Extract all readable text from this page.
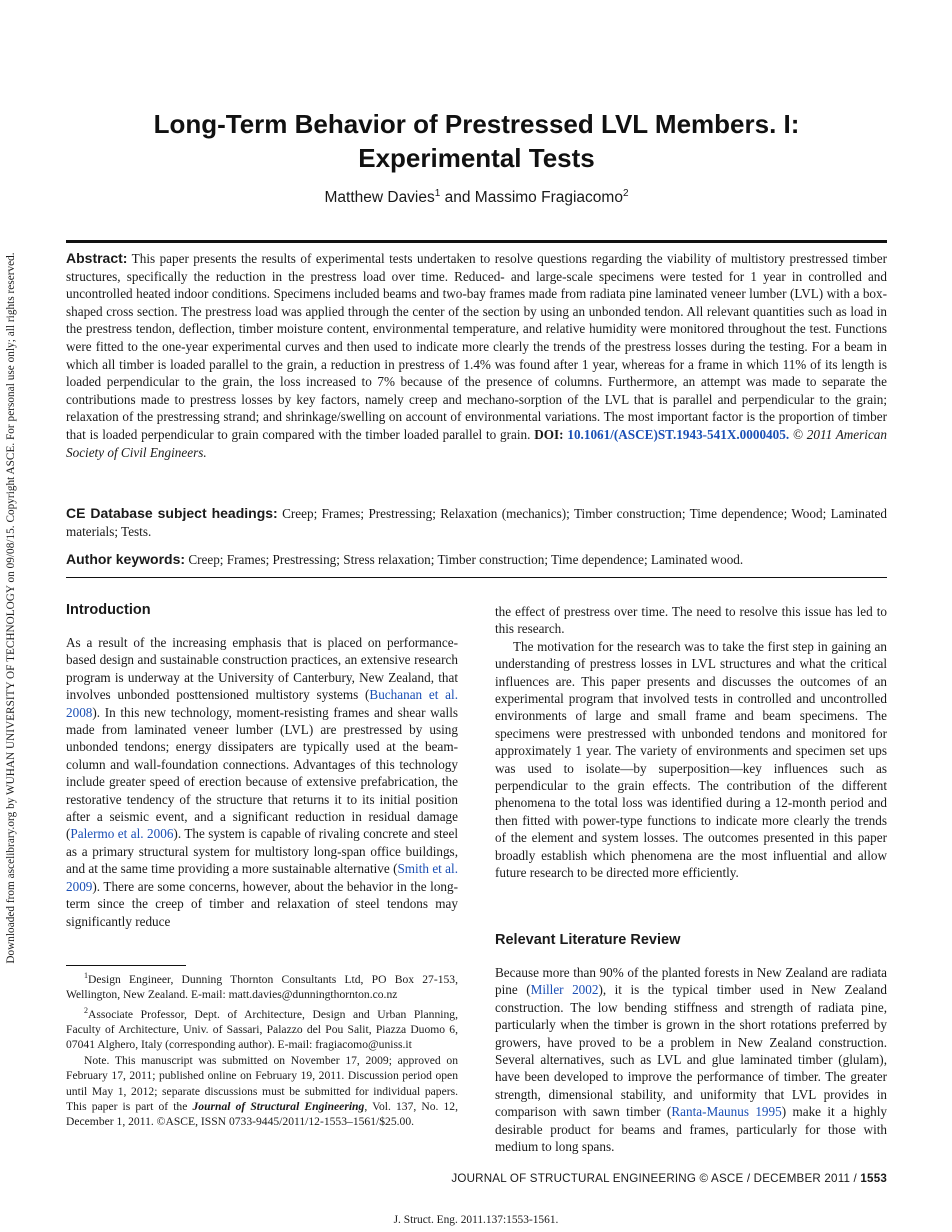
Downloaded from ascelibrary.org by WUHAN UNIVERSITY OF TECHNOLOGY on 09/08/15. Copyright ASCE. For personal use only; all rights reserved.
Long-Term Behavior of Prestressed LVL Members. I:
Experimental Tests
Matthew Davies$^1$ and Massimo Fragiacomo$^2$
Abstract: This paper presents the results of experimental tests undertaken to resolve questions regarding the viability of multistory prestressed timber structures, specifically the reduction in the prestress load over time. Reduced- and large-scale specimens were tested for 1 year in controlled and uncontrolled heated indoor conditions. Specimens included beams and two-bay frames made from radiata pine laminated veneer lumber (LVL) with a box-shaped cross section. The prestress load was applied through the center of the section by using an unbonded tendon. All relevant quantities such as load in the prestress tendon, deflection, timber moisture content, environmental temperature, and relative humidity were monitored throughout the test. Functions were fitted to the one-year experimental curves and then used to indicate more clearly the trends of the prestress losses during the testing. For a beam in which all timber is loaded parallel to the grain, a reduction in prestress of 1.4% was found after 1 year, whereas for a frame in which 11% of its length is loaded perpendicular to the grain, the loss increased to 7% because of the presence of columns. Furthermore, an attempt was made to separate the contributions made to prestress losses by key factors, namely creep and mechano-sorption of the LVL that is parallel and perpendicular to the grain; relaxation of the prestressing strand; and shrinkage/swelling on account of environmental variations. The most important factor is the proportion of timber that is loaded perpendicular to grain compared with the timber loaded parallel to grain. DOI: 10.1061/(ASCE)ST.1943-541X.0000405. © 2011 American Society of Civil Engineers.
CE Database subject headings: Creep; Frames; Prestressing; Relaxation (mechanics); Timber construction; Time dependence; Wood; Laminated materials; Tests.
Author keywords: Creep; Frames; Prestressing; Stress relaxation; Timber construction; Time dependence; Laminated wood.
Introduction

As a result of the increasing emphasis that is placed on performance-based design and sustainable construction practices, an extensive research program is underway at the University of Canterbury, New Zealand, that involves unbonded posttensioned multistory systems (Buchanan et al. 2008). In this new technology, moment-resisting frames and shear walls made from laminated veneer lumber (LVL) are prestressed by using unbonded tendons; energy dissipaters are typically used at the beam-column and wall-foundation connections. Advantages of this technology include greater speed of erection because of extensive prefabrication, the restorative tendency of the structure that returns it to its initial position after a seismic event, and a significant reduction in residual damage (Palermo et al. 2006). The system is capable of rivaling concrete and steel as a primary structural system for multistory long-span office buildings, and at the same time providing a more sustainable alternative (Smith et al. 2009). There are some concerns, however, about the behavior in the long-term since the creep of timber and relaxation of steel tendons may significantly reduce

$^1$Design Engineer, Dunning Thornton Consultants Ltd, PO Box 27-153, Wellington, New Zealand. E-mail: matt.davies@dunningthornton.co.nz

$^2$Associate Professor, Dept. of Architecture, Design and Urban Planning, Faculty of Architecture, Univ. of Sassari, Palazzo del Pou Salit, Piazza Duomo 6, 07041 Alghero, Italy (corresponding author). E-mail: fragiacomo@uniss.it

Note. This manuscript was submitted on November 17, 2009; approved on February 17, 2011; published online on February 19, 2011. Discussion period open until May 1, 2012; separate discussions must be submitted for individual papers. This paper is part of the Journal of Structural Engineering, Vol. 137, No. 12, December 1, 2011. ©ASCE, ISSN 0733-9445/2011/12-1553–1561/$25.00.

the effect of prestress over time. The need to resolve this issue has led to this research.

The motivation for the research was to take the first step in gaining an understanding of prestress losses in LVL structures and what the critical influences are. This paper presents and discusses the outcomes of an experimental program that involved tests in controlled and uncontrolled environments of large and small frame and beam specimens. The specimens were prestressed with unbonded tendons and monitored for approximately 1 year. The variety of environments and specimen set ups was used to isolate—by superposition—key influences such as perpendicular to the grain effects. The contribution of the different phenomena to the total loss was identified during a 12-month period and then fitted with power-type functions to indicate more clearly the trends of the element and system losses. The outcomes presented in this paper broadly establish which phenomena are the most influential and allow future research to be directed more efficiently.

Relevant Literature Review

Because more than 90% of the planted forests in New Zealand are radiata pine (Miller 2002), it is the typical timber used in New Zealand construction. The low bending stiffness and strength of radiata pine, particularly when the timber is grown in the short rotations preferred by growers, have proved to be a problem in New Zealand construction. Several alternatives, such as LVL and glue laminated timber (glulam), have been developed to improve the performance of timber. The greater strength, dimensional stability, and uniformity that LVL provides in comparison with sawn timber (Ranta-Maunus 1995) make it a highly desirable product for beams and frames, particularly for those with medium to long spans.

JOURNAL OF STRUCTURAL ENGINEERING © ASCE / DECEMBER 2011 / 1553
J. Struct. Eng. 2011.137:1553-1561.
